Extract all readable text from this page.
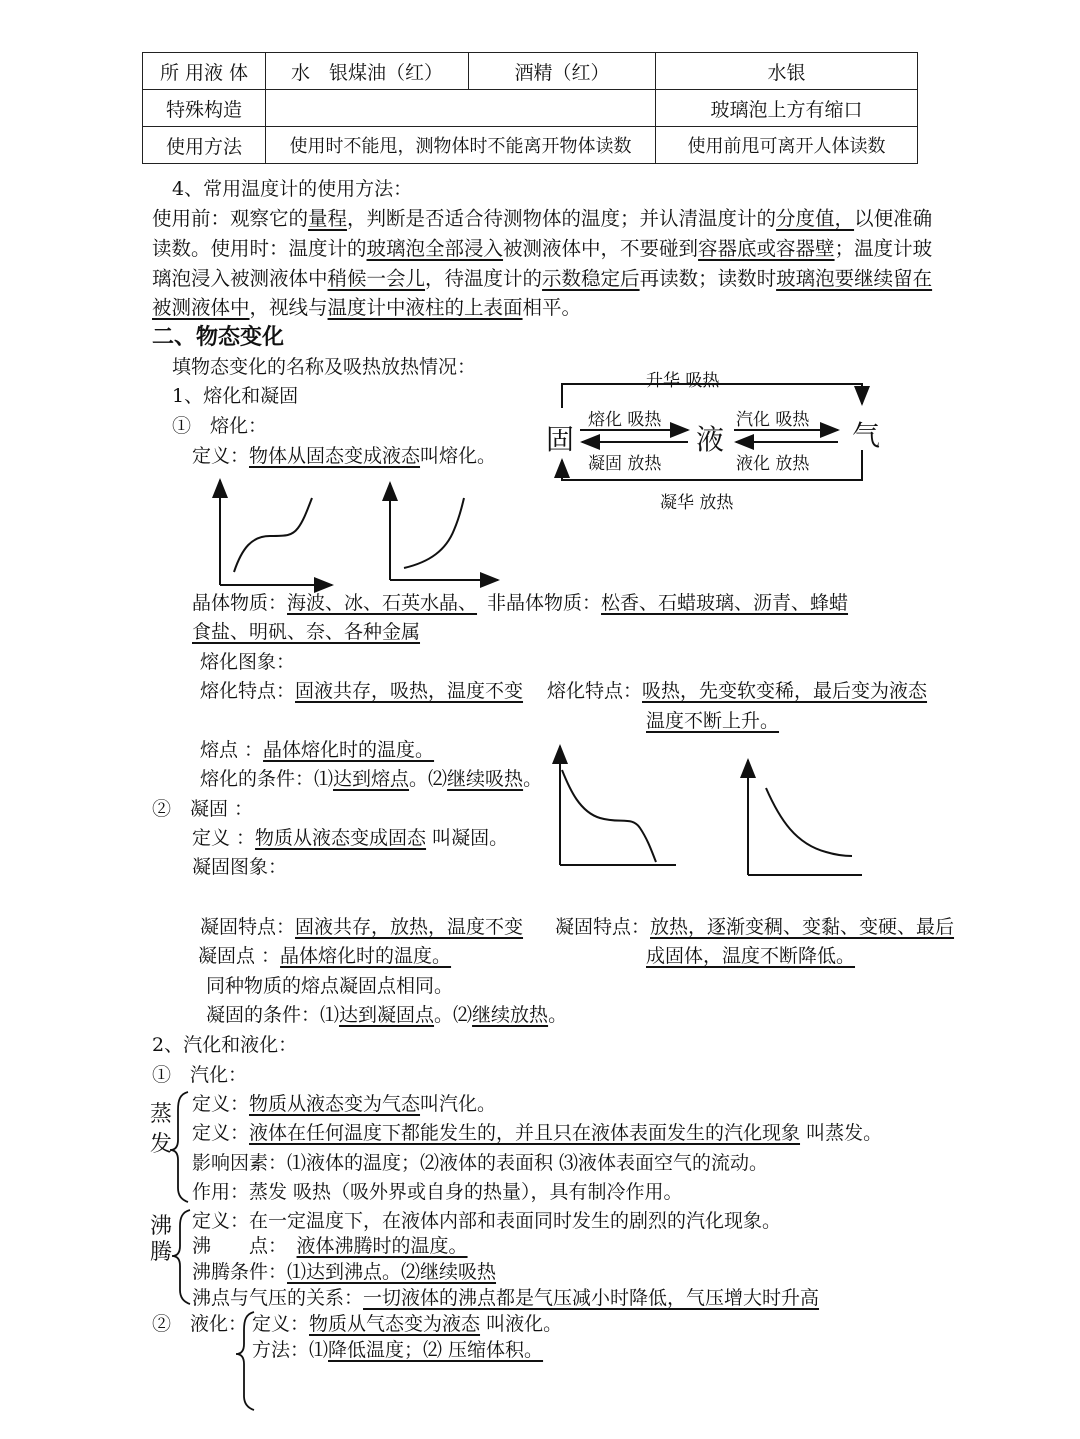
所 用液 体	水　银煤油（红）	酒精（红）	水银
特殊构造			玻璃泡上方有缩口
使用方法	使用时不能甩，测物体时不能离开物体读数		使用前甩可离开人体读数
4、常用温度计的使用方法：
使用前：观察它的量程，判断是否适合待测物体的温度；并认清温度计的分度值，以便准确
读数。使用时：温度计的玻璃泡全部浸入被测液体中，不要碰到容器底或容器壁；温度计玻
璃泡浸入被测液体中稍候一会儿，待温度计的示数稳定后再读数；读数时玻璃泡要继续留在
被测液体中，视线与温度计中液柱的上表面相平。
二、物态变化
填物态变化的名称及吸热放热情况：
1、熔化和凝固
①　熔化：
定义：物体从固态变成液态叫熔化。 固	液	气
升华 吸热
熔化 吸热
凝固 放热
汽化 吸热
液化 放热
凝华 放热
晶体物质：海波、冰、石英水晶、
食盐、明矾、奈、各种金属
非晶体物质：松香、石蜡玻璃、沥青、蜂蜡
熔化图象：
熔化特点：固液共存，吸热，温度不变 熔化特点：吸热，先变软变稀，最后变为液态
温度不断上升。
熔点 ：晶体熔化时的温度。
熔化的条件：⑴达到熔点。⑵继续吸热。
②　凝固 ：
定义 ：物质从液态变成固态 叫凝固。
凝固图象：
凝固特点：固液共存，放热，温度不变 凝固特点：放热，逐渐变稠、变黏、变硬、最后
成固体，温度不断降低。
凝固点 ：晶体熔化时的温度。
同种物质的熔点凝固点相同。
凝固的条件：⑴达到凝固点。⑵继续放热。
2、汽化和液化：
①　汽化：
定义：物质从液态变为气态叫汽化。
蒸
发 定义：液体在任何温度下都能发生的，并且只在液体表面发生的汽化现象 叫蒸发。
影响因素：⑴液体的温度；⑵液体的表面积 ⑶液体表面空气的流动。
作用：蒸发 吸热（吸外界或自身的热量），具有制冷作用。
沸
腾
定义：在一定温度下，在液体内部和表面同时发生的剧烈的汽化现象。
沸　　点：　 液体沸腾时的温度。
沸腾条件：⑴达到沸点。⑵继续吸热
沸点与气压的关系：一切液体的沸点都是气压减小时降低，气压增大时升高
②　液化： 定义：物质从气态变为液态 叫液化。
方法：⑴降低温度；⑵ 压缩体积。
